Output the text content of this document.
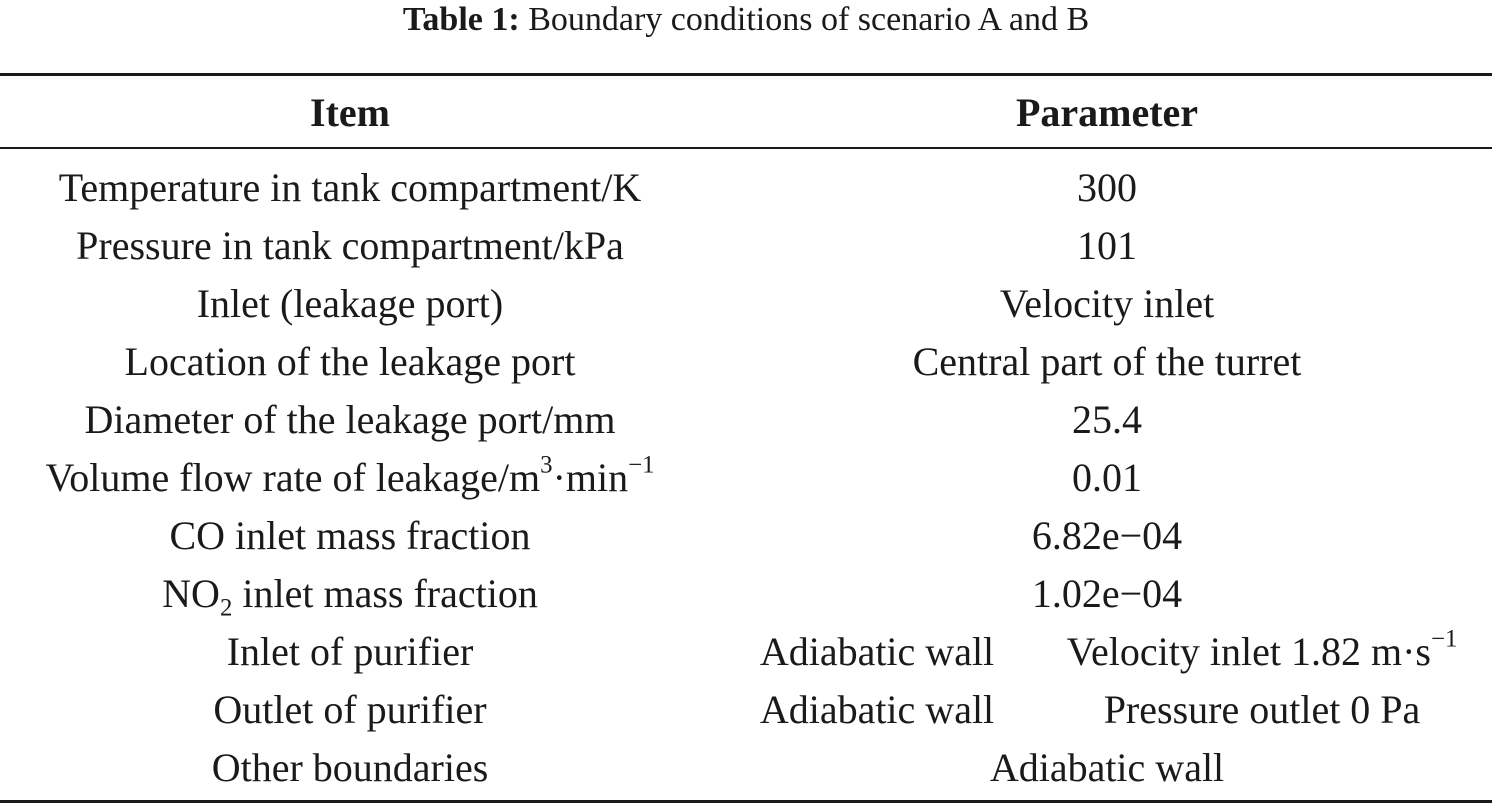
Table 1: Boundary conditions of scenario A and B
Item	Parameter
Temperature in tank compartment/K	300
Pressure in tank compartment/kPa	101
Inlet (leakage port)	Velocity inlet
Location of the leakage port	Central part of the turret
Diameter of the leakage port/mm	25.4
Volume flow rate of leakage/$m^3\cdot\min^{-1}$	0.01
CO inlet mass fraction	6.82e−04
$NO_2$ inlet mass fraction	1.02e−04
Inlet of purifier	Adiabatic wall	Velocity inlet 1.82 $m\cdot s^{-1}$
Outlet of purifier	Adiabatic wall	Pressure outlet 0 Pa
Other boundaries	Adiabatic wall
